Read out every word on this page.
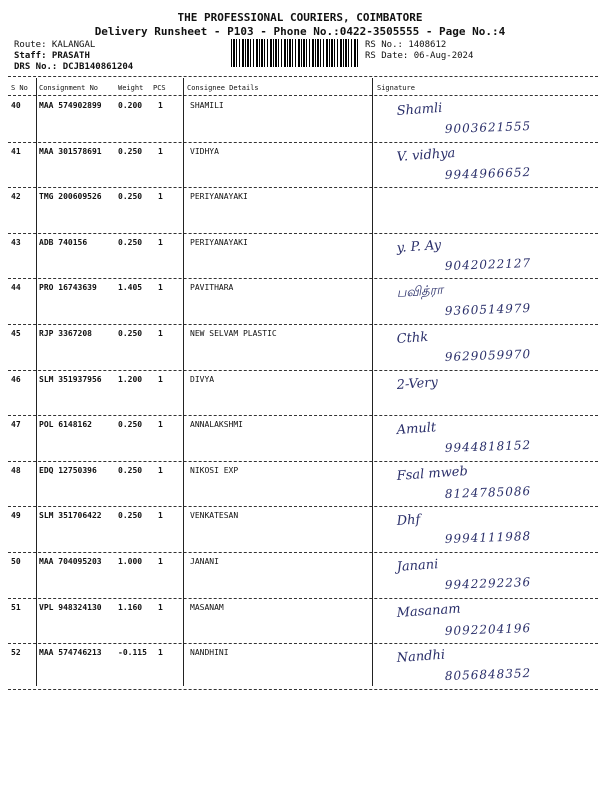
THE PROFESSIONAL COURIERS, COIMBATORE
Delivery Runsheet - P103 - Phone No.:0422-3505555 - Page No.:4
Route: KALANGAL
Staff: PRASATH
DRS No.: DCJB140861204
RS No.: 1408612
RS Date: 06-Aug-2024
S No Consignment No	Weight PCS	Consignee Details	Signature
40 MAA 574902899 0.200 1	SHAMILI	Shamli
9003621555
41 MAA 301578691 0.250 1	VIDHYA	V. vidhya
9944966652
42 TMG 200609526 0.250 1	PERIYANAYAKI
43 ADB 740156	0.250 1	PERIYANAYAKI	y. P. Ay
9042022127
44 PRO 16743639	1.405 1	PAVITHARA	பவித்ரா
9360514979
45 RJP 3367208	0.250 1	NEW SELVAM PLASTIC	Cthk
9629059970
46 SLM 351937956 1.200 1	DIVYA	2-Very
47 POL 6148162	0.250 1	ANNALAKSHMI	Amult
9944818152
48 EDQ 12750396	0.250 1	NIKOSI EXP	Fsal mweb
8124785086
49 SLM 351706422 0.250 1	VENKATESAN	Dhf
9994111988
50 MAA 704095203 1.000 1	JANANI	Janani
9942292236
51 VPL 948324130 1.160 1	MASANAM	Masanam
9092204196
52 MAA 574746213 -0.115 1	NANDHINI	Nandhi
8056848352
